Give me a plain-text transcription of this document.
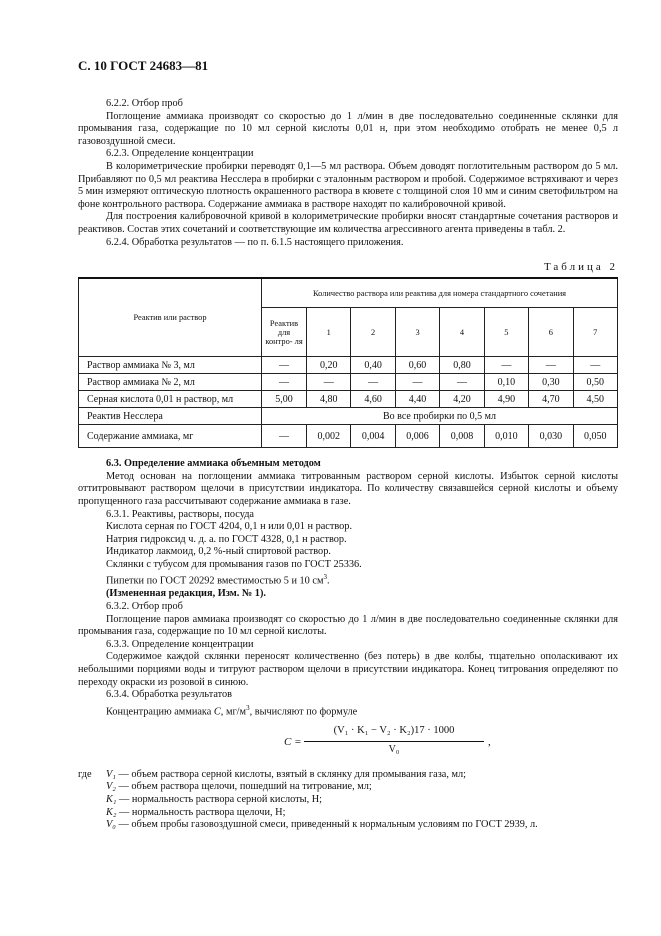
С. 10 ГОСТ 24683—81

6.2.2. Отбор проб

Поглощение аммиака производят со скоростью до 1 л/мин в две последовательно соединенные склянки для промывания газа, содержащие по 10 мл серной кислоты 0,01 н, при этом необходимо отобрать не менее 0,5 л газовоздушной смеси.

6.2.3. Определение концентрации

В колориметрические пробирки переводят 0,1—5 мл раствора. Объем доводят поглотительным раствором до 5 мл. Прибавляют по 0,5 мл реактива Несслера в пробирки с эталонным раствором и пробой. Содержимое встряхивают и через 5 мин измеряют оптическую плотность окрашенного раствора в кювете с толщиной слоя 10 мм и синим светофильтром на фоне контрольного раствора. Содержание аммиака в растворе находят по калибровочной кривой.

Для построения калибровочной кривой в колориметрические пробирки вносят стандартные сочетания растворов и реактивов. Состав этих сочетаний и соответствующие им количества агрессивного агента приведены в табл. 2.

6.2.4. Обработка результатов — по п. 6.1.5 настоящего приложения.

Таблица 2
Реактив или раствор	Количество раствора или реактива для номера стандартного сочетания							
	Реактив для контро- ля	1	2	3	4	5	6	7
Раствор аммиака № 3, мл	—	0,20	0,40	0,60	0,80	—	—	—
Раствор аммиака № 2, мл	—	—	—	—	—	0,10	0,30	0,50
Серная кислота 0,01 н раствор, мл	5,00	4,80	4,60	4,40	4,20	4,90	4,70	4,50
Реактив Несслера	Во все пробирки по 0,5 мл							
Содержание аммиака, мг	—	0,002	0,004	0,006	0,008	0,010	0,030	0,050

6.3. Определение аммиака объемным методом

Метод основан на поглощении аммиака титрованным раствором серной кислоты. Избыток серной кислоты оттитровывают раствором щелочи в присутствии индикатора. По количеству связавшейся серной кислоты и объему пропущенного газа рассчитывают содержание аммиака в газе.

6.3.1. Реактивы, растворы, посуда

Кислота серная по ГОСТ 4204, 0,1 н или 0,01 н раствор.

Натрия гидроксид ч. д. а. по ГОСТ 4328, 0,1 н раствор.

Индикатор лакмоид, 0,2 %-ный спиртовой раствор.

Склянки с тубусом для промывания газов по ГОСТ 25336.

Пипетки по ГОСТ 20292 вместимостью 5 и 10 $см^3$.

(Измененная редакция, Изм. № 1).

6.3.2. Отбор проб

Поглощение паров аммиака производят со скоростью до 1 л/мин в две последовательно соединенные склянки для промывания газа, содержащие по 10 мл серной кислоты.

6.3.3. Определение концентрации

Содержимое каждой склянки переносят количественно (без потерь) в две колбы, тщательно ополаскивают их небольшими порциями воды и титруют раствором щелочи в присутствии индикатора. Конец титрования определяют по переходу окраски из розовой в синюю.

6.3.4. Обработка результатов

Концентрацию аммиака C, $мг/м^3$, вычисляют по формуле

C =
(V₁ · K₁ − V₂ · K₂)17 · 1000
V₀
,
где V₁ — объем раствора серной кислоты, взятый в склянку для промывания газа, мл;
V₂ — объем раствора щелочи, пошедший на титрование, мл;
K₁ — нормальность раствора серной кислоты, Н;
K₂ — нормальность раствора щелочи, Н;
V₀ — объем пробы газовоздушной смеси, приведенный к нормальным условиям по ГОСТ 2939, л.
